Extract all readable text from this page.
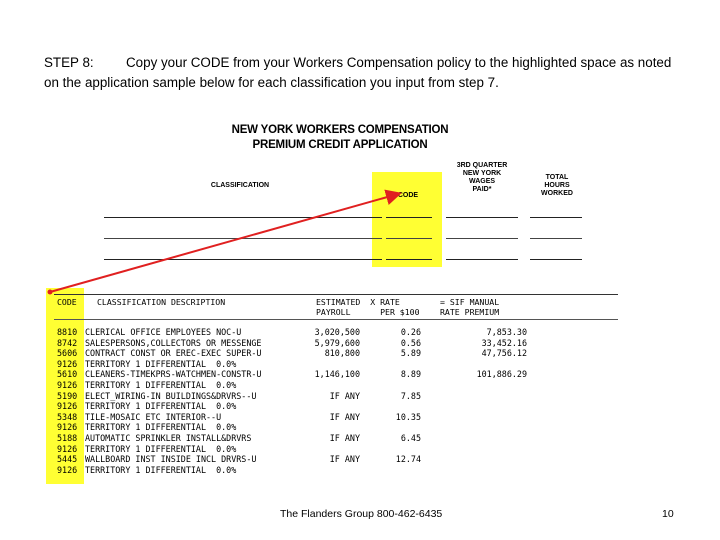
STEP 8: Copy your CODE from your Workers Compensation policy to the highlighted space as noted on the application sample below for each classification you input from step 7.
NEW YORK WORKERS COMPENSATION
PREMIUM CREDIT APPLICATION
CLASSIFICATION
CODE
3RD QUARTER
NEW YORK
WAGES
PAID*
TOTAL
HOURS
WORKED
CODE CLASSIFICATION DESCRIPTION	ESTIMATED  X RATE
PAYROLL      PER $100
= SIF MANUAL
RATE PREMIUM
8810 CLERICAL OFFICE EMPLOYEES NOC-U	3,020,500	0.26	7,853.30
8742 SALESPERSONS,COLLECTORS OR MESSENGE	5,979,600	0.56	33,452.16
5606 CONTRACT CONST OR EREC-EXEC SUPER-U	810,800	5.89	47,756.12
9126 TERRITORY 1 DIFFERENTIAL  0.0%
5610 CLEANERS-TIMEKPRS-WATCHMEN-CONSTR-U	1,146,100	8.89	101,886.29
9126 TERRITORY 1 DIFFERENTIAL  0.0%
5190 ELECT_WIRING-IN BUILDINGS&DRVRS--U	IF ANY	7.85
9126 TERRITORY 1 DIFFERENTIAL  0.0%
5348 TILE-MOSAIC ETC INTERIOR--U	IF ANY	10.35
9126 TERRITORY 1 DIFFERENTIAL  0.0%
5188 AUTOMATIC SPRINKLER INSTALL&DRVRS	IF ANY	6.45
9126 TERRITORY 1 DIFFERENTIAL  0.0%
5445 WALLBOARD INST INSIDE INCL DRVRS-U	IF ANY	12.74
9126 TERRITORY 1 DIFFERENTIAL  0.0%
The Flanders Group 800-462-6435	10
